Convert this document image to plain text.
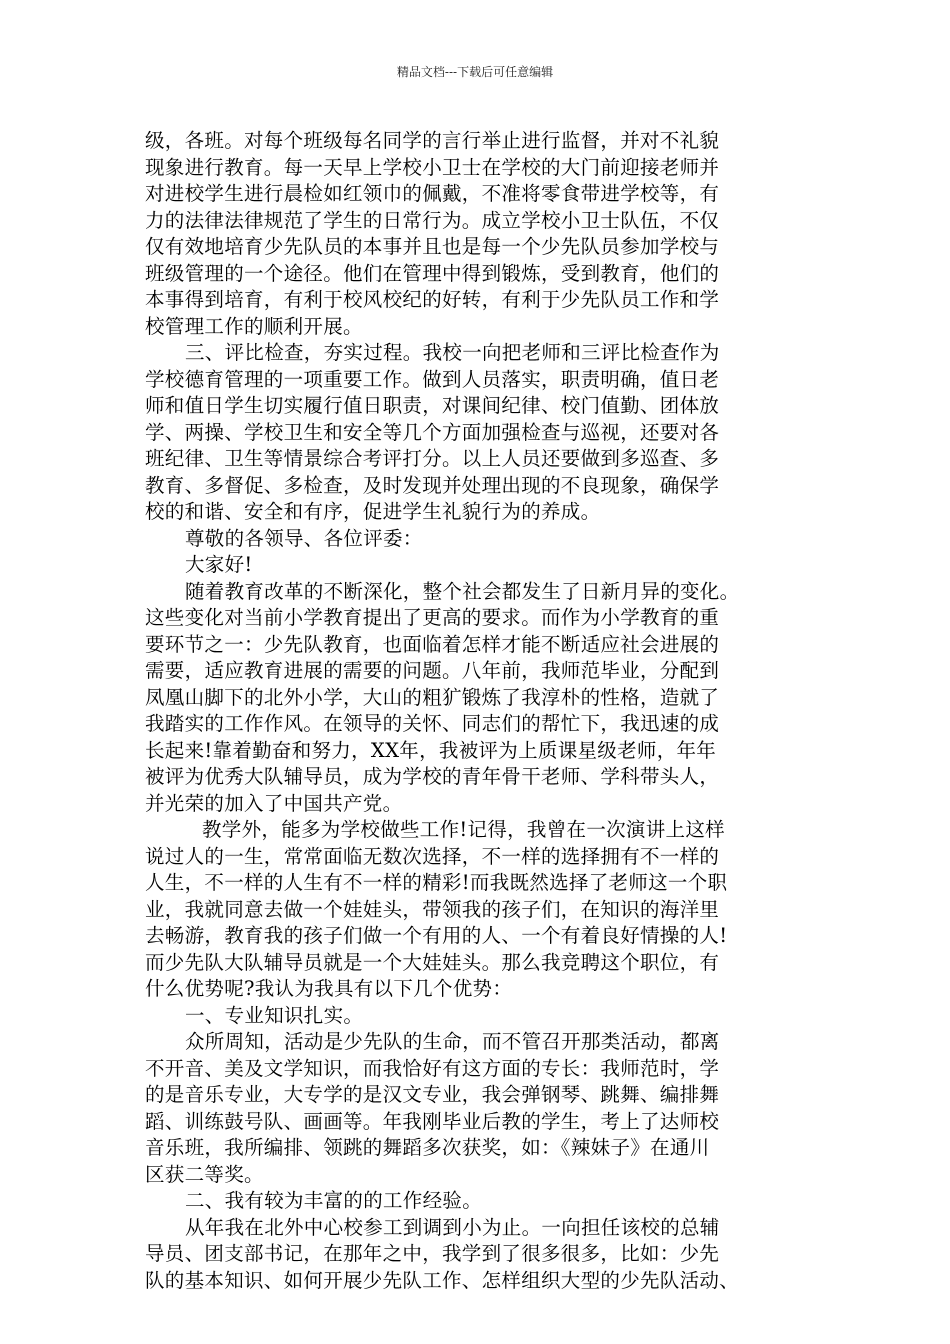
精品文档---下载后可任意编辑
级，各班。对每个班级每名同学的言行举止进行监督，并对不礼貌
现象进行教育。每一天早上学校小卫士在学校的大门前迎接老师并
对进校学生进行晨检如红领巾的佩戴，不准将零食带进学校等，有
力的法律法律规范了学生的日常行为。成立学校小卫士队伍，不仅
仅有效地培育少先队员的本事并且也是每一个少先队员参加学校与
班级管理的一个途径。他们在管理中得到锻炼，受到教育，他们的
本事得到培育，有利于校风校纪的好转，有利于少先队员工作和学
校管理工作的顺利开展。
三、评比检查，夯实过程。我校一向把老师和三评比检查作为
学校德育管理的一项重要工作。做到人员落实，职责明确，值日老
师和值日学生切实履行值日职责，对课间纪律、校门值勤、团体放
学、两操、学校卫生和安全等几个方面加强检查与巡视，还要对各
班纪律、卫生等情景综合考评打分。以上人员还要做到多巡查、多
教育、多督促、多检查，及时发现并处理出现的不良现象，确保学
校的和谐、安全和有序，促进学生礼貌行为的养成。
尊敬的各领导、各位评委：
大家好!
随着教育改革的不断深化，整个社会都发生了日新月异的变化。
这些变化对当前小学教育提出了更高的要求。而作为小学教育的重
要环节之一：少先队教育，也面临着怎样才能不断适应社会进展的
需要，适应教育进展的需要的问题。八年前，我师范毕业，分配到
凤凰山脚下的北外小学，大山的粗犷锻炼了我淳朴的性格，造就了
我踏实的工作作风。在领导的关怀、同志们的帮忙下，我迅速的成
长起来!靠着勤奋和努力，XX年，我被评为上质课星级老师，年年
被评为优秀大队辅导员，成为学校的青年骨干老师、学科带头人，
并光荣的加入了中国共产党。
教学外，能多为学校做些工作!记得，我曾在一次演讲上这样
说过人的一生，常常面临无数次选择，不一样的选择拥有不一样的
人生，不一样的人生有不一样的精彩!而我既然选择了老师这一个职
业，我就同意去做一个娃娃头，带领我的孩子们，在知识的海洋里
去畅游，教育我的孩子们做一个有用的人、一个有着良好情操的人!
而少先队大队辅导员就是一个大娃娃头。那么我竞聘这个职位，有
什么优势呢?我认为我具有以下几个优势：
一、专业知识扎实。
众所周知，活动是少先队的生命，而不管召开那类活动，都离
不开音、美及文学知识，而我恰好有这方面的专长：我师范时，学
的是音乐专业，大专学的是汉文专业，我会弹钢琴、跳舞、编排舞
蹈、训练鼓号队、画画等。年我刚毕业后教的学生，考上了达师校
音乐班，我所编排、领跳的舞蹈多次获奖，如：《辣妹子》在通川
区获二等奖。
二、我有较为丰富的的工作经验。
从年我在北外中心校参工到调到小为止。一向担任该校的总辅
导员、团支部书记，在那年之中，我学到了很多很多，比如：少先
队的基本知识、如何开展少先队工作、怎样组织大型的少先队活动、
